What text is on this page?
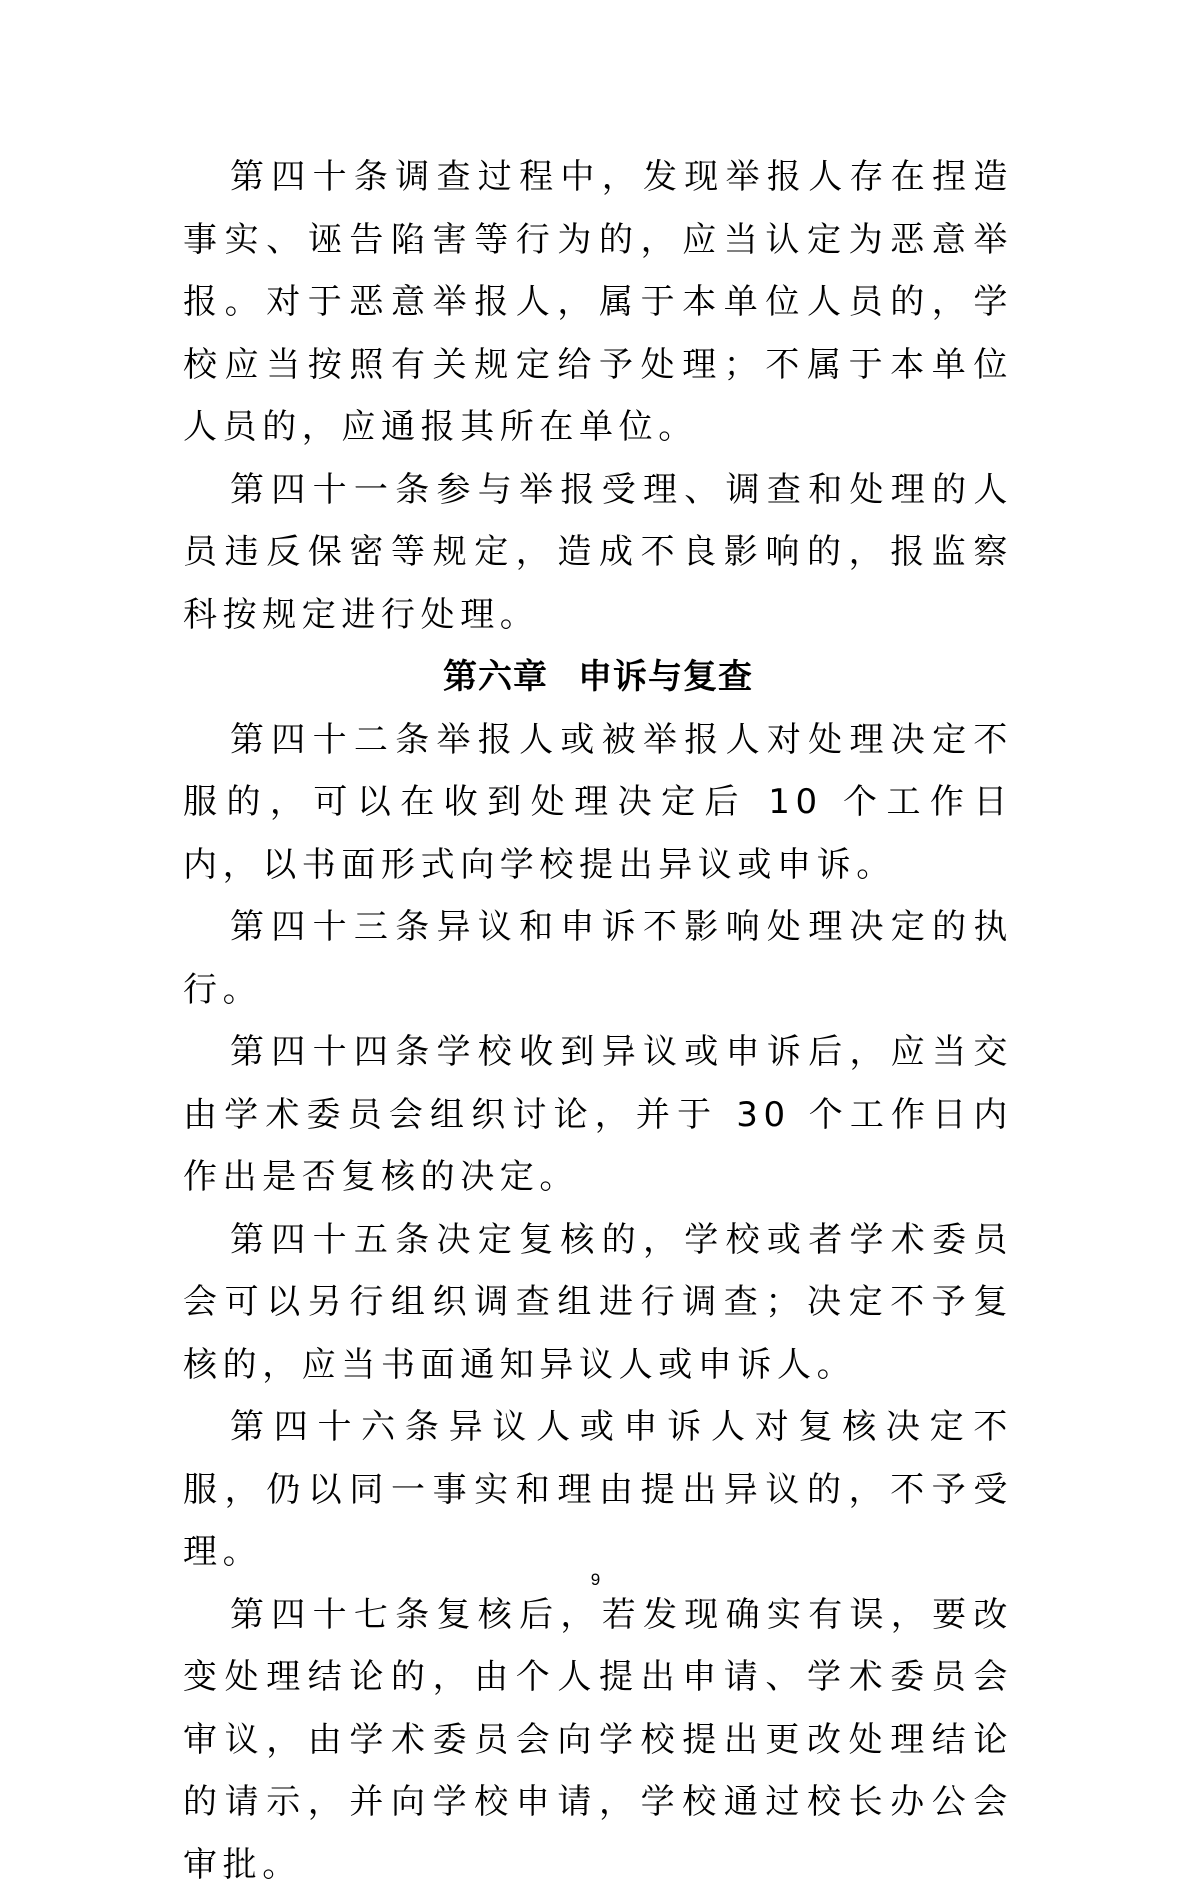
第四十条调查过程中，发现举报人存在捏造事实、诬告陷害等行为的，应当认定为恶意举报。对于恶意举报人，属于本单位人员的，学校应当按照有关规定给予处理；不属于本单位人员的，应通报其所在单位。

第四十一条参与举报受理、调查和处理的人员违反保密等规定，造成不良影响的，报监察科按规定进行处理。

第六章 申诉与复查

第四十二条举报人或被举报人对处理决定不服的，可以在收到处理决定后 10 个工作日内，以书面形式向学校提出异议或申诉。

第四十三条异议和申诉不影响处理决定的执行。

第四十四条学校收到异议或申诉后，应当交由学术委员会组织讨论，并于 30 个工作日内作出是否复核的决定。

第四十五条决定复核的，学校或者学术委员会可以另行组织调查组进行调查；决定不予复核的，应当书面通知异议人或申诉人。

第四十六条异议人或申诉人对复核决定不服，仍以同一事实和理由提出异议的，不予受理。

第四十七条复核后，若发现确实有误，要改变处理结论的，由个人提出申请、学术委员会审议，由学术委员会向学校提出更改处理结论的请示，并向学校申请，学校通过校长办公会审批。

9
